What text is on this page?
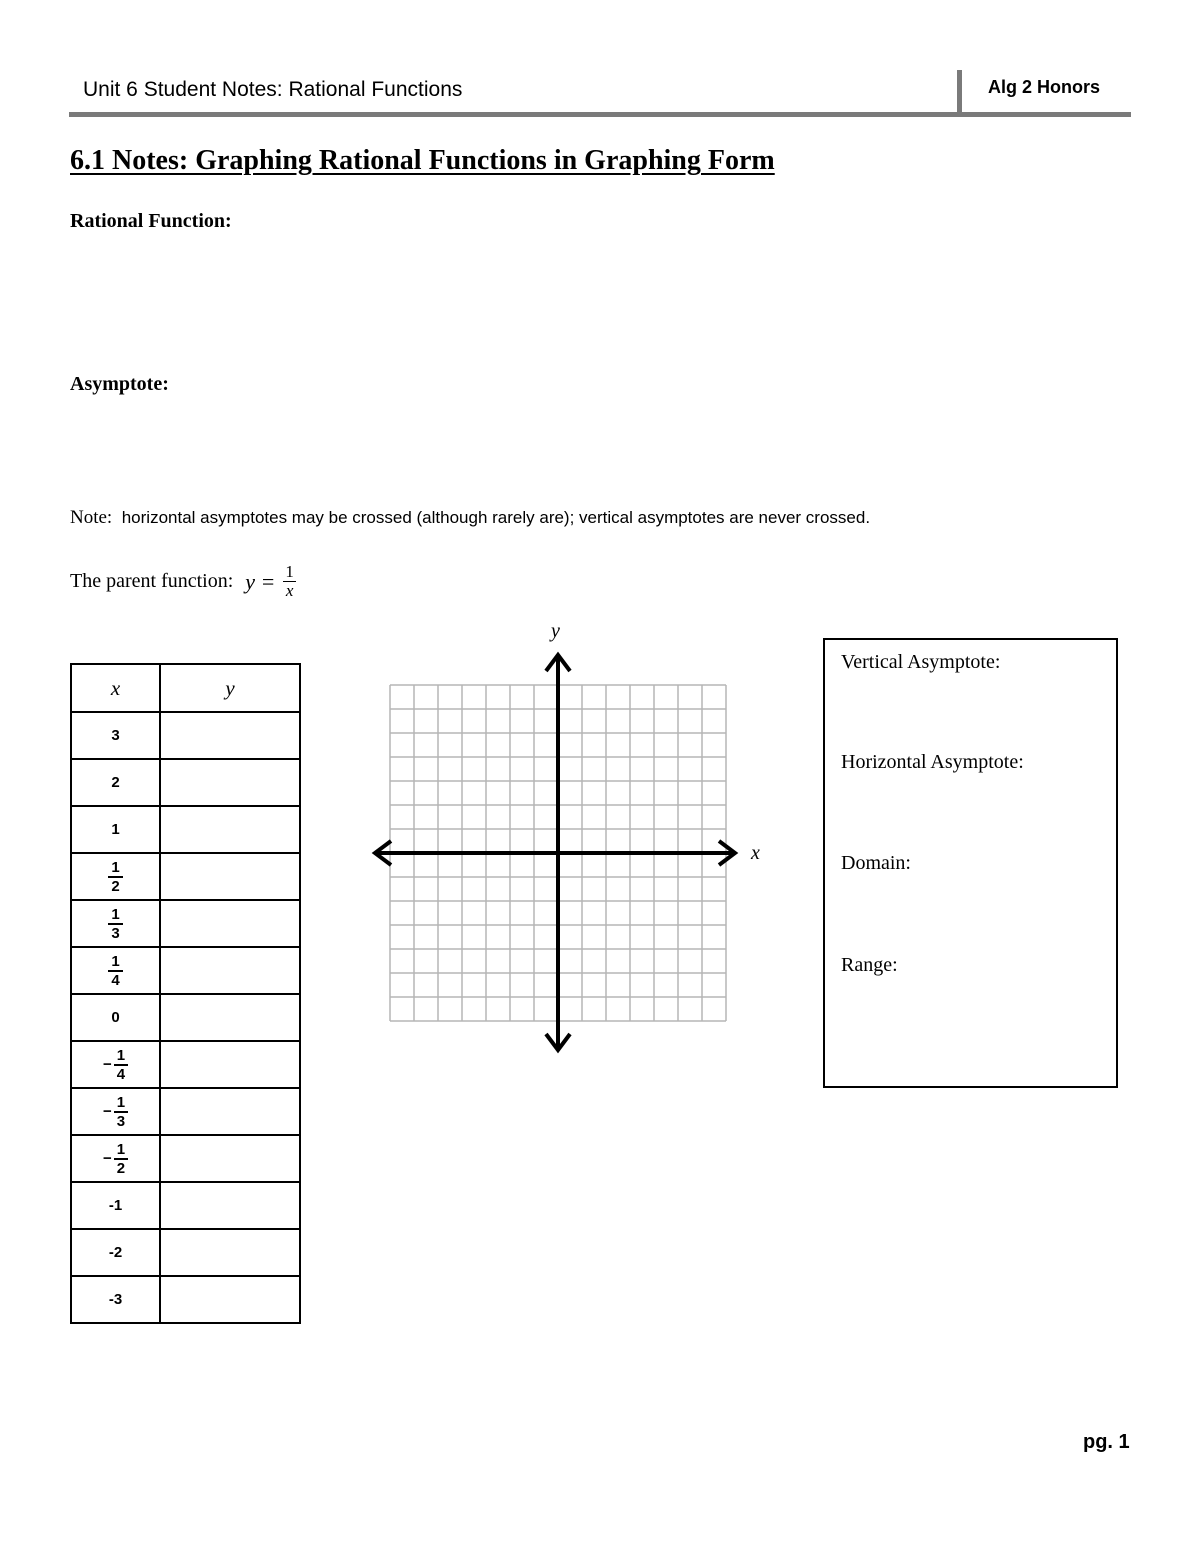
Unit 6 Student Notes: Rational Functions	Alg 2 Honors
6.1 Notes: Graphing Rational Functions in Graphing Form
Rational Function:
Asymptote:
Note: horizontal asymptotes may be crossed (although rarely are); vertical asymptotes are never crossed.
The parent function: $y = \frac{1}{x}$
x	y
3	
2	
1	

$\frac{1}{2}$

$\frac{1}{3}$

$\frac{1}{4}$

0	

− $\frac{1}{4}$

− $\frac{1}{3}$

− $\frac{1}{2}$

-1	
-2	
-3	
x
y
Vertical Asymptote:
Horizontal Asymptote:
Domain:
Range:
pg. 1
